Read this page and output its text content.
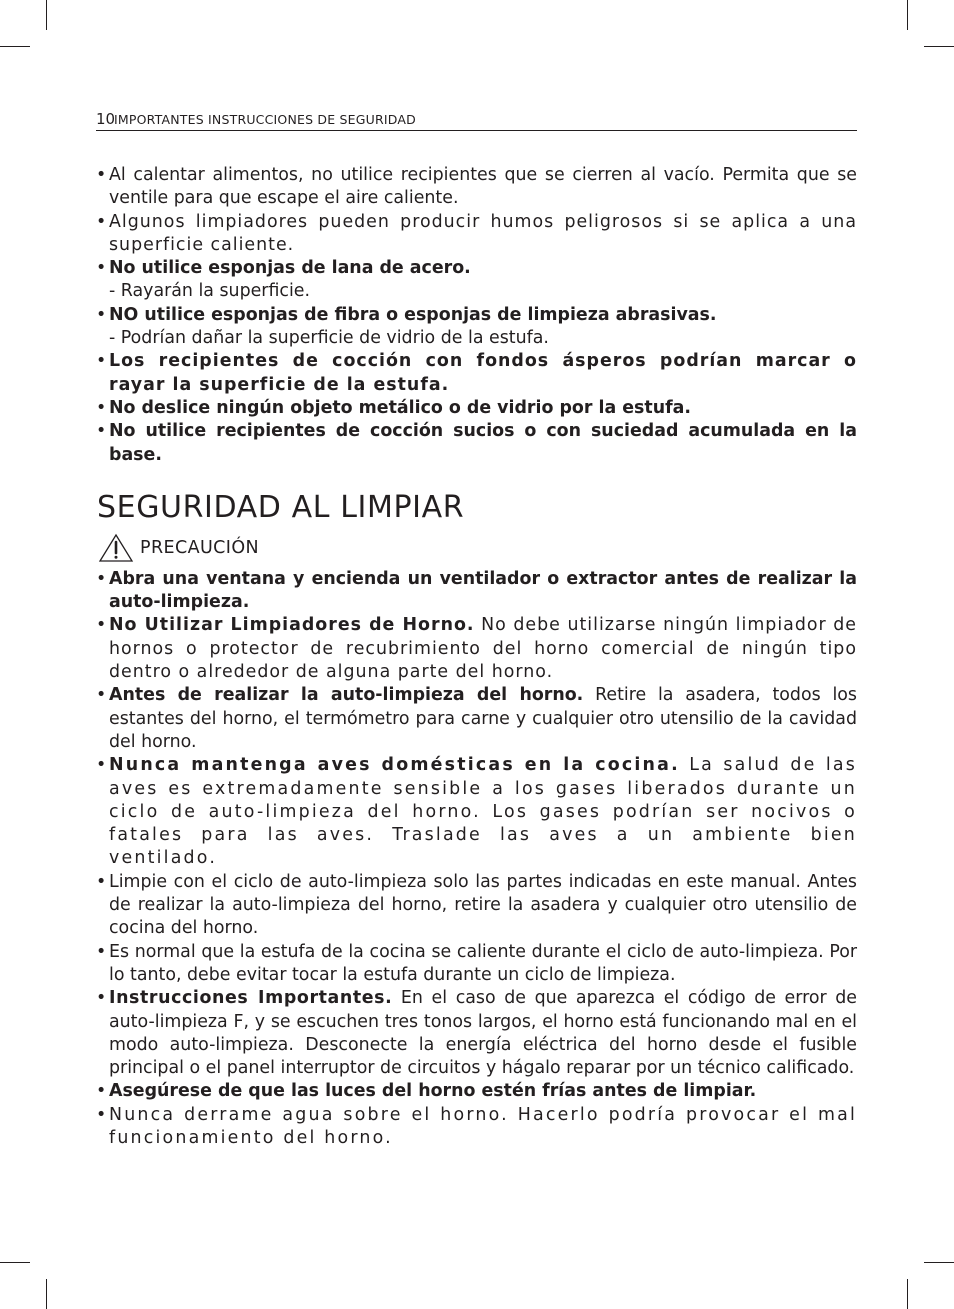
10
IMPORTANTES INSTRUCCIONES DE SEGURIDAD
• Al calentar alimentos, no utilice recipientes que se cierren al vacío. Permita que se ventile para que escape el aire caliente.
• Algunos limpiadores pueden producir humos peligrosos si se aplica a una superficie caliente.
• No utilice esponjas de lana de acero.
- Rayarán la superficie.
• NO utilice esponjas de fibra o esponjas de limpieza abrasivas.
- Podrían dañar la superficie de vidrio de la estufa.
• Los recipientes de cocción con fondos ásperos podrían marcar o rayar la superficie de la estufa.
• No deslice ningún objeto metálico o de vidrio por la estufa.
• No utilice recipientes de cocción sucios o con suciedad acumulada en la base.
SEGURIDAD AL LIMPIAR
PRECAUCIÓN
• Abra una ventana y encienda un ventilador o extractor antes de realizar la auto-limpieza.
• No Utilizar Limpiadores de Horno. No debe utilizarse ningún limpiador de hornos o protector de recubrimiento del horno comercial de ningún tipo dentro o alrededor de alguna parte del horno.
• Antes de realizar la auto-limpieza del horno. Retire la asadera, todos los estantes del horno, el termómetro para carne y cualquier otro utensilio de la cavidad del horno.
• Nunca mantenga aves domésticas en la cocina. La salud de las aves es extremadamente sensible a los gases liberados durante un ciclo de auto-limpieza del horno. Los gases podrían ser nocivos o fatales para las aves. Traslade las aves a un ambiente bien ventilado.
• Limpie con el ciclo de auto-limpieza solo las partes indicadas en este manual. Antes de realizar la auto-limpieza del horno, retire la asadera y cualquier otro utensilio de cocina del horno.
• Es normal que la estufa de la cocina se caliente durante el ciclo de auto-limpieza. Por lo tanto, debe evitar tocar la estufa durante un ciclo de limpieza.
• Instrucciones Importantes. En el caso de que aparezca el código de error de auto-limpieza F, y se escuchen tres tonos largos, el horno está funcionando mal en el modo auto-limpieza. Desconecte la energía eléctrica del horno desde el fusible principal o el panel interruptor de circuitos y hágalo reparar por un técnico calificado.
• Asegúrese de que las luces del horno estén frías antes de limpiar.
• Nunca derrame agua sobre el horno. Hacerlo podría provocar el mal funcionamiento del horno.
